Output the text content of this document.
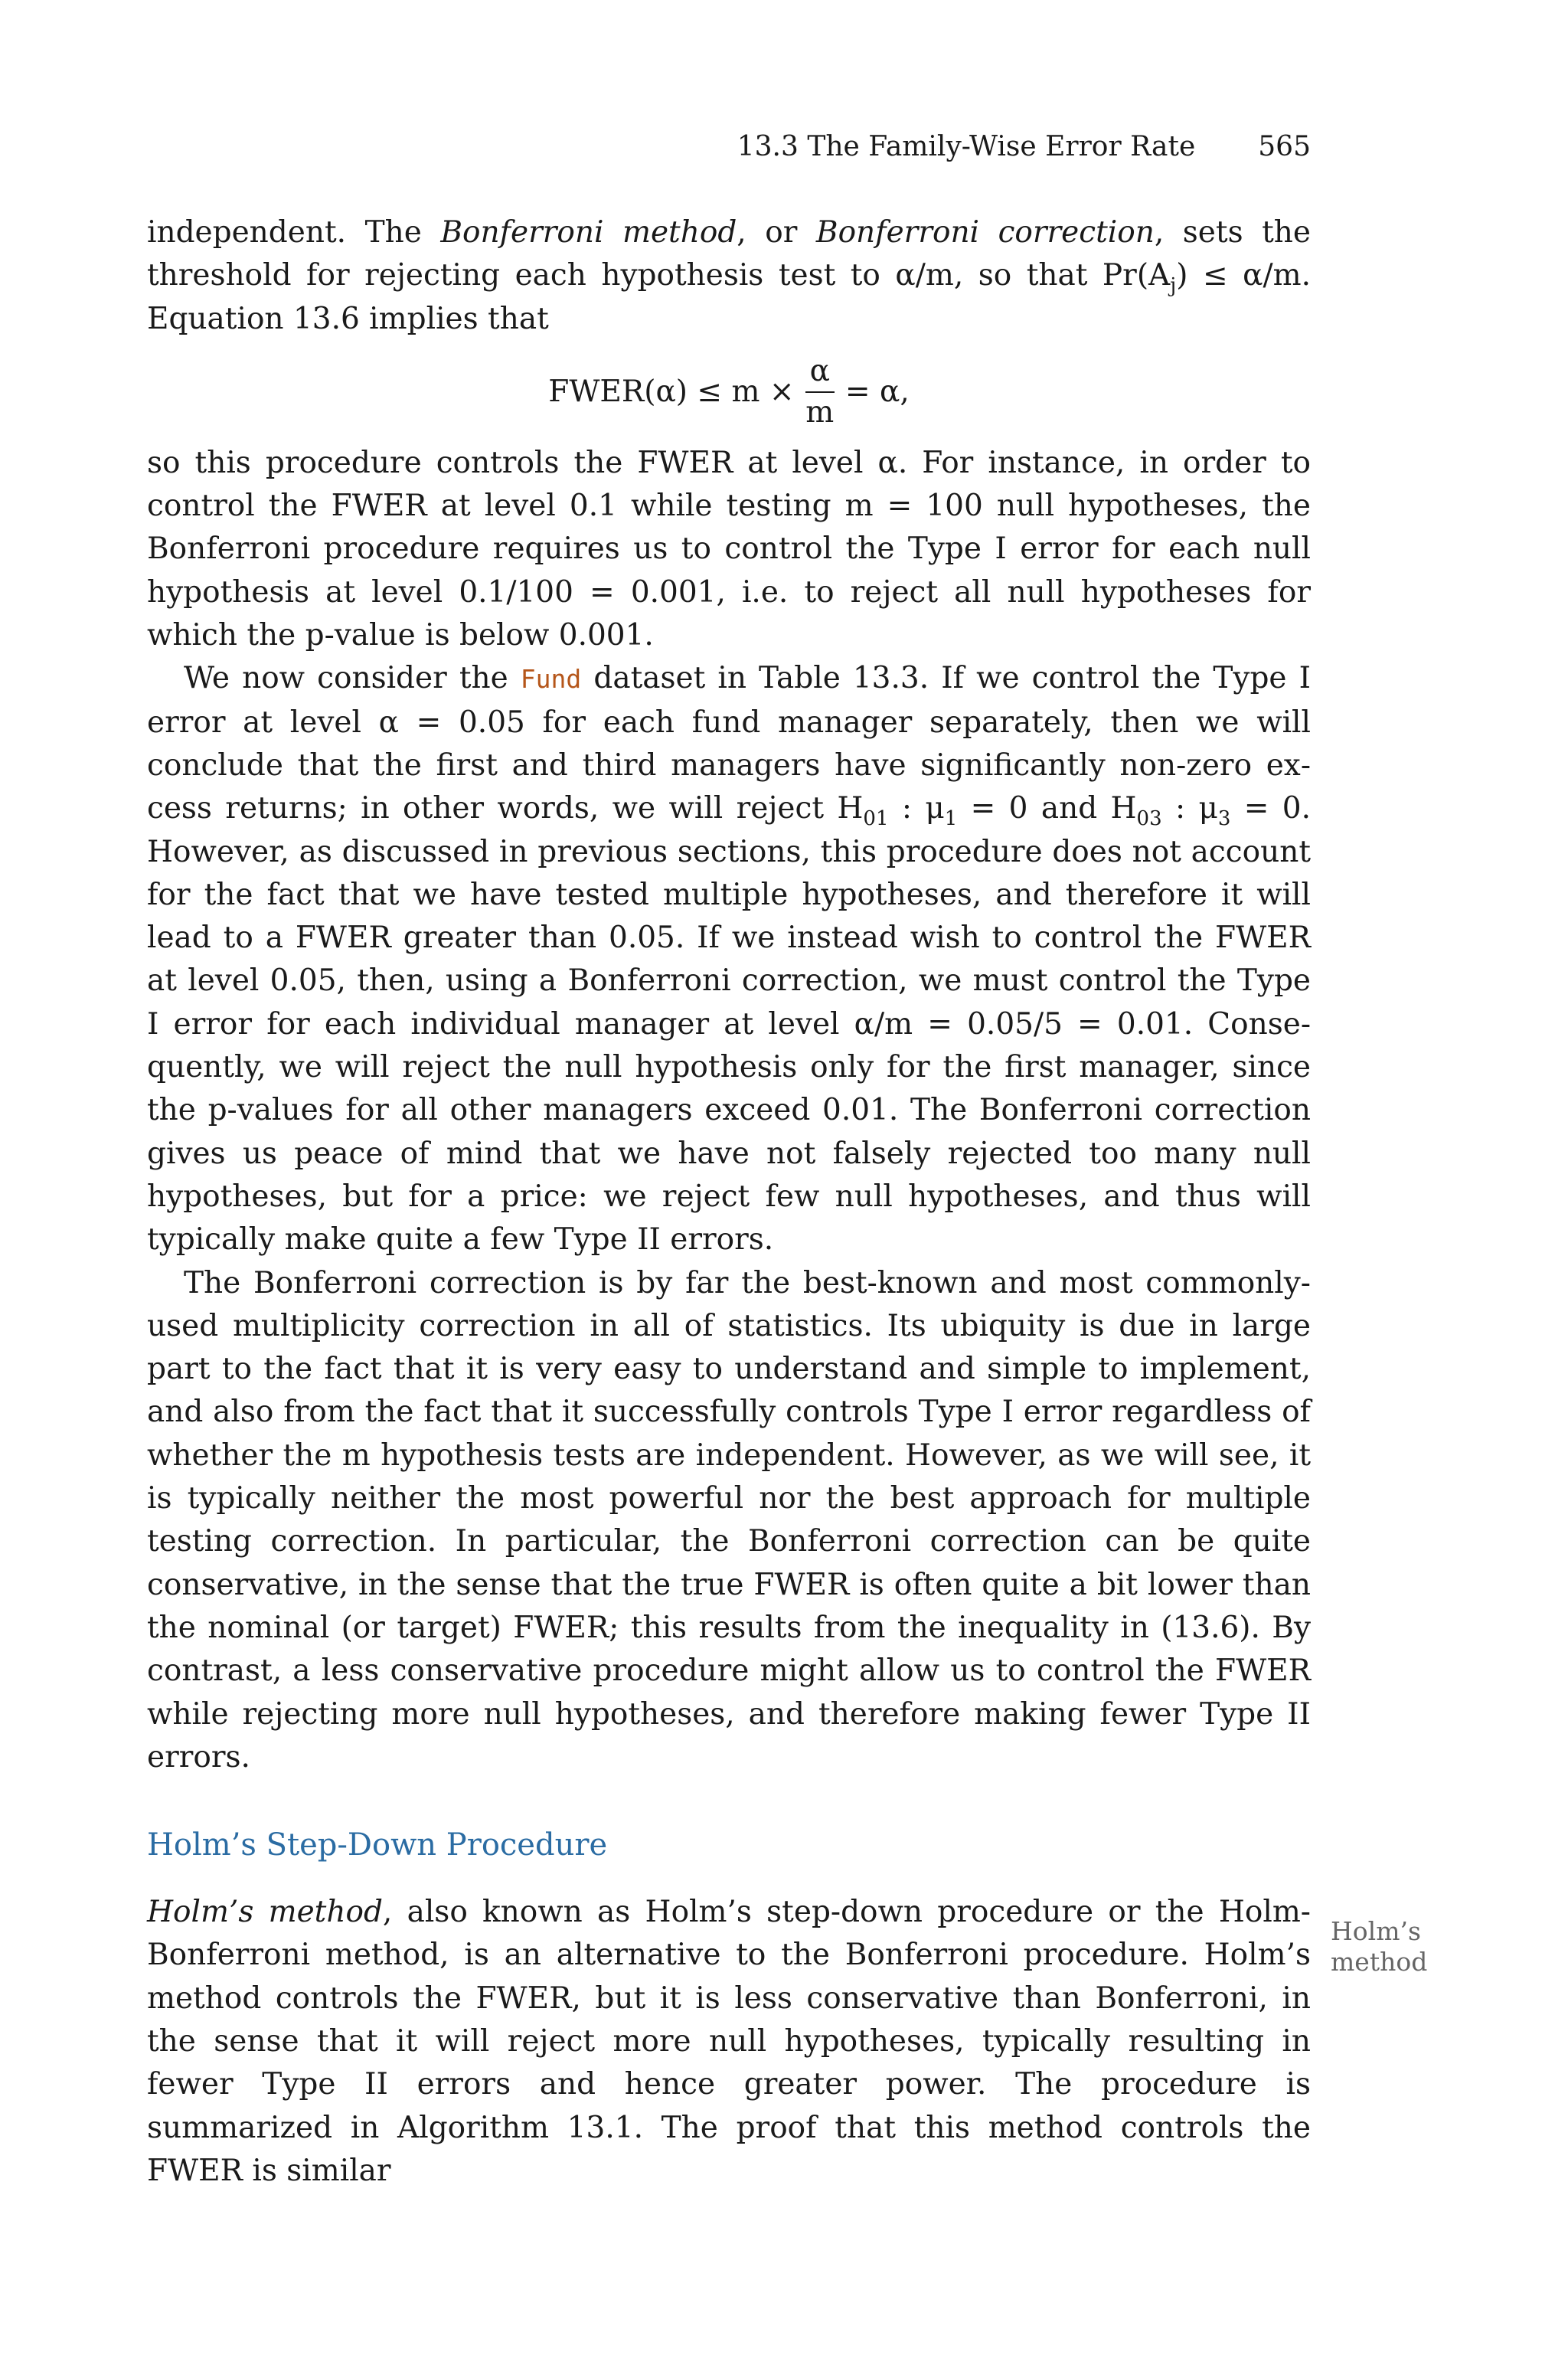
13.3 The Family-Wise Error Rate 565

independent. The Bonferroni method, or Bonferroni correction, sets the threshold for rejecting each hypothesis test to α/m, so that $Pr(A_j) \le \alpha/m$. Equation 13.6 implies that

FWER(α) ≤ $m \times \frac{\alpha}{m} = \alpha$,

so this procedure controls the FWER at level α. For instance, in order to control the FWER at level 0.1 while testing m = 100 null hypotheses, the Bonferroni procedure requires us to control the Type I error for each null hypothesis at level 0.1/100 = 0.001, i.e. to reject all null hypotheses for which the p-value is below 0.001.

We now consider the Fund dataset in Table 13.3. If we control the Type I error at level α = 0.05 for each fund manager separately, then we will conclude that the first and third managers have significantly non-zero excess returns; in other words, we will reject $H_{01}$ : $\mu_1 = 0$ and $H_{03}$ : $\mu_3 = 0$. However, as discussed in previous sections, this procedure does not account for the fact that we have tested multiple hypotheses, and therefore it will lead to a FWER greater than 0.05. If we instead wish to control the FWER at level 0.05, then, using a Bonferroni correction, we must control the Type I error for each individual manager at level α/m = 0.05/5 = 0.01. Consequently, we will reject the null hypothesis only for the first manager, since the p-values for all other managers exceed 0.01. The Bonferroni correction gives us peace of mind that we have not falsely rejected too many null hypotheses, but for a price: we reject few null hypotheses, and thus will typically make quite a few Type II errors.

The Bonferroni correction is by far the best-known and most commonly-used multiplicity correction in all of statistics. Its ubiquity is due in large part to the fact that it is very easy to understand and simple to implement, and also from the fact that it successfully controls Type I error regardless of whether the m hypothesis tests are independent. However, as we will see, it is typically neither the most powerful nor the best approach for multiple testing correction. In particular, the Bonferroni correction can be quite conservative, in the sense that the true FWER is often quite a bit lower than the nominal (or target) FWER; this results from the inequality in (13.6). By contrast, a less conservative procedure might allow us to control the FWER while rejecting more null hypotheses, and therefore making fewer Type II errors.

Holm’s Step-Down Procedure

Holm’s method, also known as Holm’s step-down procedure or the Holm-Bonferroni method, is an alternative to the Bonferroni procedure. Holm’s method controls the FWER, but it is less conservative than Bonferroni, in the sense that it will reject more null hypotheses, typically resulting in fewer Type II errors and hence greater power. The procedure is summarized in Algorithm 13.1. The proof that this method controls the FWER is similar

Holm’s
method
